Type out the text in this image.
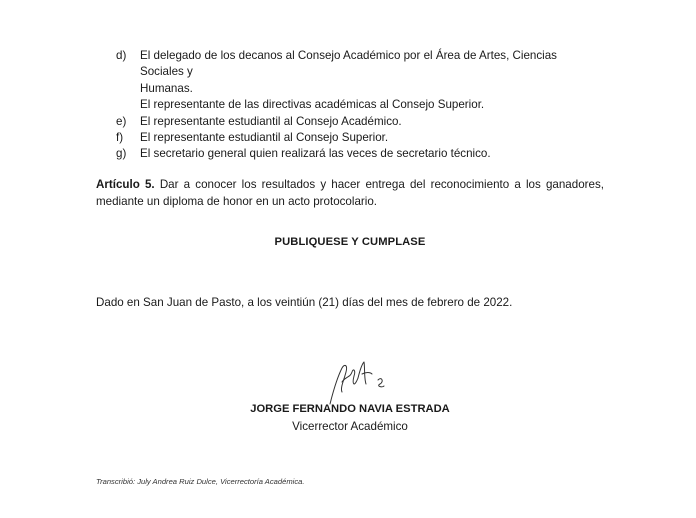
d)	El delegado de los decanos al Consejo Académico por el Área de Artes, Ciencias Sociales y
Humanas.
El representante de las directivas académicas al Consejo Superior.
e)	El representante estudiantil al Consejo Académico.
f)	El representante estudiantil al Consejo Superior.
g)	El secretario general quien realizará las veces de secretario técnico.
Artículo 5. Dar a conocer los resultados y hacer entrega del reconocimiento a los ganadores, mediante un diploma de honor en un acto protocolario.
PUBLIQUESE Y CUMPLASE
Dado en San Juan de Pasto, a los veintiún (21) días del mes de febrero de 2022.
JORGE FERNANDO NAVIA ESTRADA
Vicerrector Académico
Transcribió: July Andrea Ruiz Dulce, Vicerrectoría Académica.
